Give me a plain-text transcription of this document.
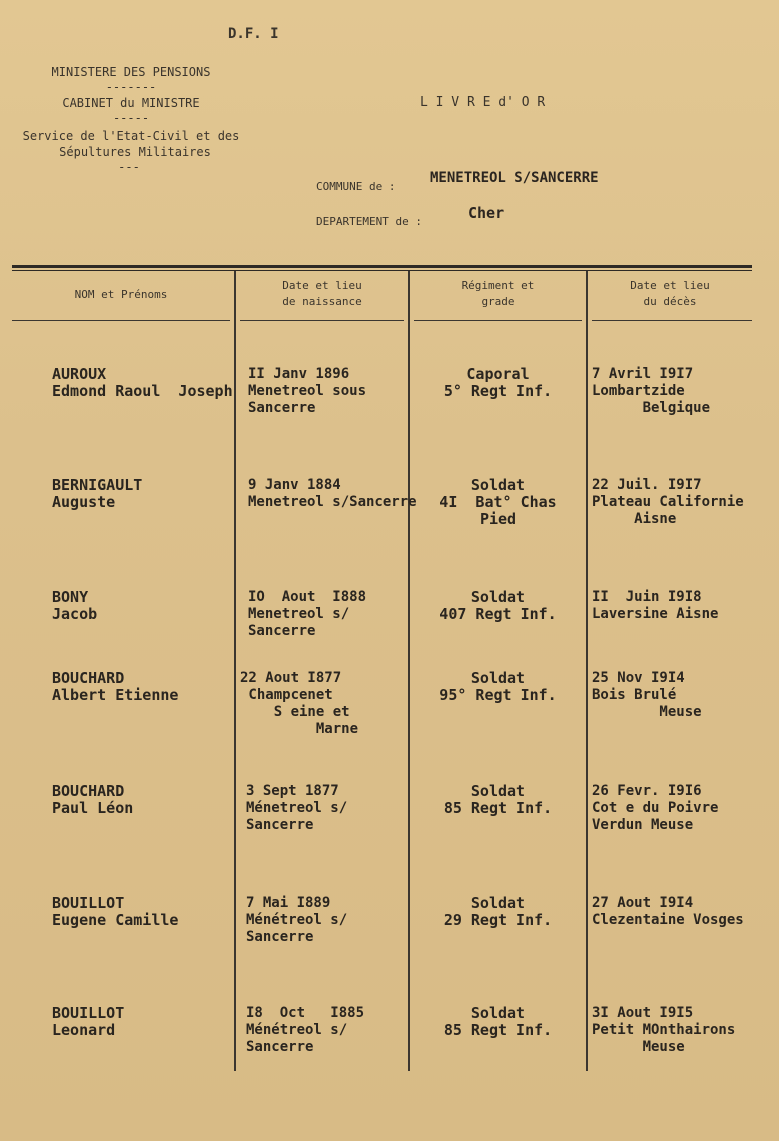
D.F. I
MINISTERE DES PENSIONS
-------
CABINET du MINISTRE
-----
Service de l'Etat-Civil et des
Sépultures Militaires
---
L I V R E d' O R
COMMUNE de :
MENETREOL S/SANCERRE
DEPARTEMENT de :	Cher
NOM et Prénoms
Date et lieu
de naissance
Régiment et
grade
Date et lieu
du décès
AUROUX
Edmond Raoul  Joseph
II Janv 1896
Menetreol sous
Sancerre
Caporal
5° Regt Inf.
7 Avril I9I7
Lombartzide
Belgique
BERNIGAULT
Auguste
9 Janv 1884
Menetreol s/Sancerre
Soldat
4I  Bat° Chas
Pied
22 Juil. I9I7
Plateau Californie
Aisne
BONY
Jacob
IO  Aout  I888
Menetreol s/
Sancerre
Soldat
407 Regt Inf.
II  Juin I9I8
Laversine Aisne
BOUCHARD
Albert Etienne
22 Aout I877
Champcenet
S eine et
Marne
Soldat
95° Regt Inf.
25 Nov I9I4
Bois Brulé
Meuse
BOUCHARD
Paul Léon
3 Sept 1877
Ménetreol s/
Sancerre
Soldat
85 Regt Inf.
26 Fevr. I9I6
Cot e du Poivre
Verdun Meuse
BOUILLOT
Eugene Camille
7 Mai I889
Ménétreol s/
Sancerre
Soldat
29 Regt Inf.
27 Aout I9I4
Clezentaine Vosges
BOUILLOT
Leonard
I8  Oct   I885
Ménétreol s/
Sancerre
Soldat
85 Regt Inf.
3I Aout I9I5
Petit MOnthairons
Meuse
